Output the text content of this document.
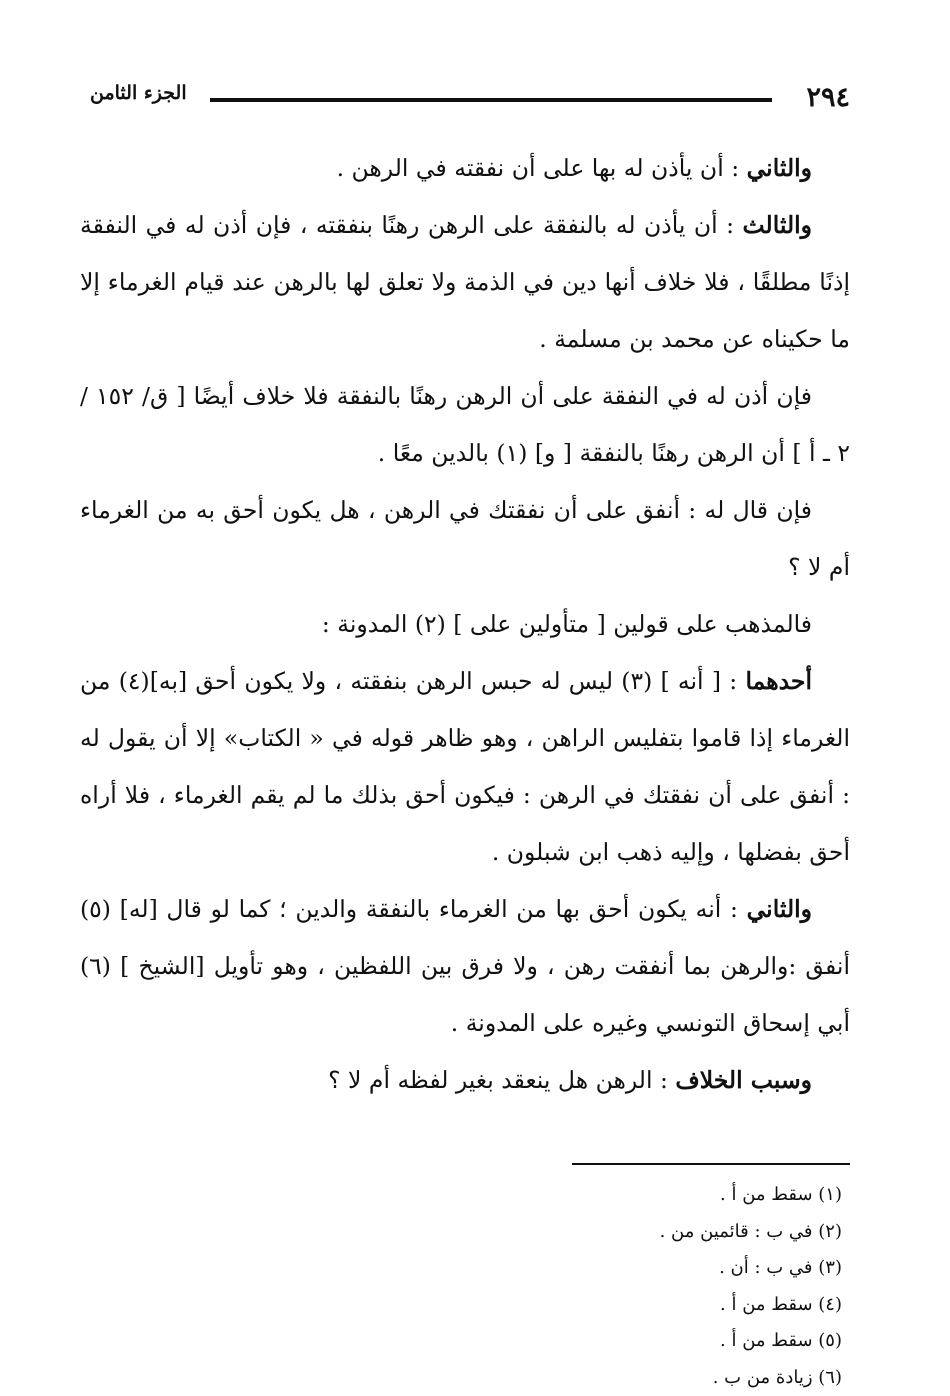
٢٩٤
الجزء الثامن

والثاني : أن يأذن له بها على أن نفقته في الرهن .

والثالث : أن يأذن له بالنفقة على الرهن رهنًا بنفقته ، فإن أذن له في النفقة إذنًا مطلقًا ، فلا خلاف أنها دين في الذمة ولا تعلق لها بالرهن عند قيام الغرماء إلا ما حكيناه عن محمد بن مسلمة .

فإن أذن له في النفقة على أن الرهن رهنًا بالنفقة فلا خلاف أيضًا [ ق/ ١٥٢ / ٢ ـ أ ] أن الرهن رهنًا بالنفقة [ و] (١) بالدين معًا .

فإن قال له : أنفق على أن نفقتك في الرهن ، هل يكون أحق به من الغرماء أم لا ؟

فالمذهب على قولين [ متأولين على ] (٢) المدونة :

أحدهما : [ أنه ] (٣) ليس له حبس الرهن بنفقته ، ولا يكون أحق [به](٤) من الغرماء إذا قاموا بتفليس الراهن ، وهو ظاهر قوله في « الكتاب» إلا أن يقول له : أنفق على أن نفقتك في الرهن : فيكون أحق بذلك ما لم يقم الغرماء ، فلا أراه أحق بفضلها ، وإليه ذهب ابن شبلون .

والثاني : أنه يكون أحق بها من الغرماء بالنفقة والدين ؛ كما لو قال [له] (٥) أنفق :والرهن بما أنفقت رهن ، ولا فرق بين اللفظين ، وهو تأويل [الشيخ ] (٦) أبي إسحاق التونسي وغيره على المدونة .

وسبب الخلاف : الرهن هل ينعقد بغير لفظه أم لا ؟

(١) سقط من أ .

(٢) في ب : قائمين من .

(٣) في ب : أن .

(٤) سقط من أ .

(٥) سقط من أ .

(٦) زيادة من ب .
